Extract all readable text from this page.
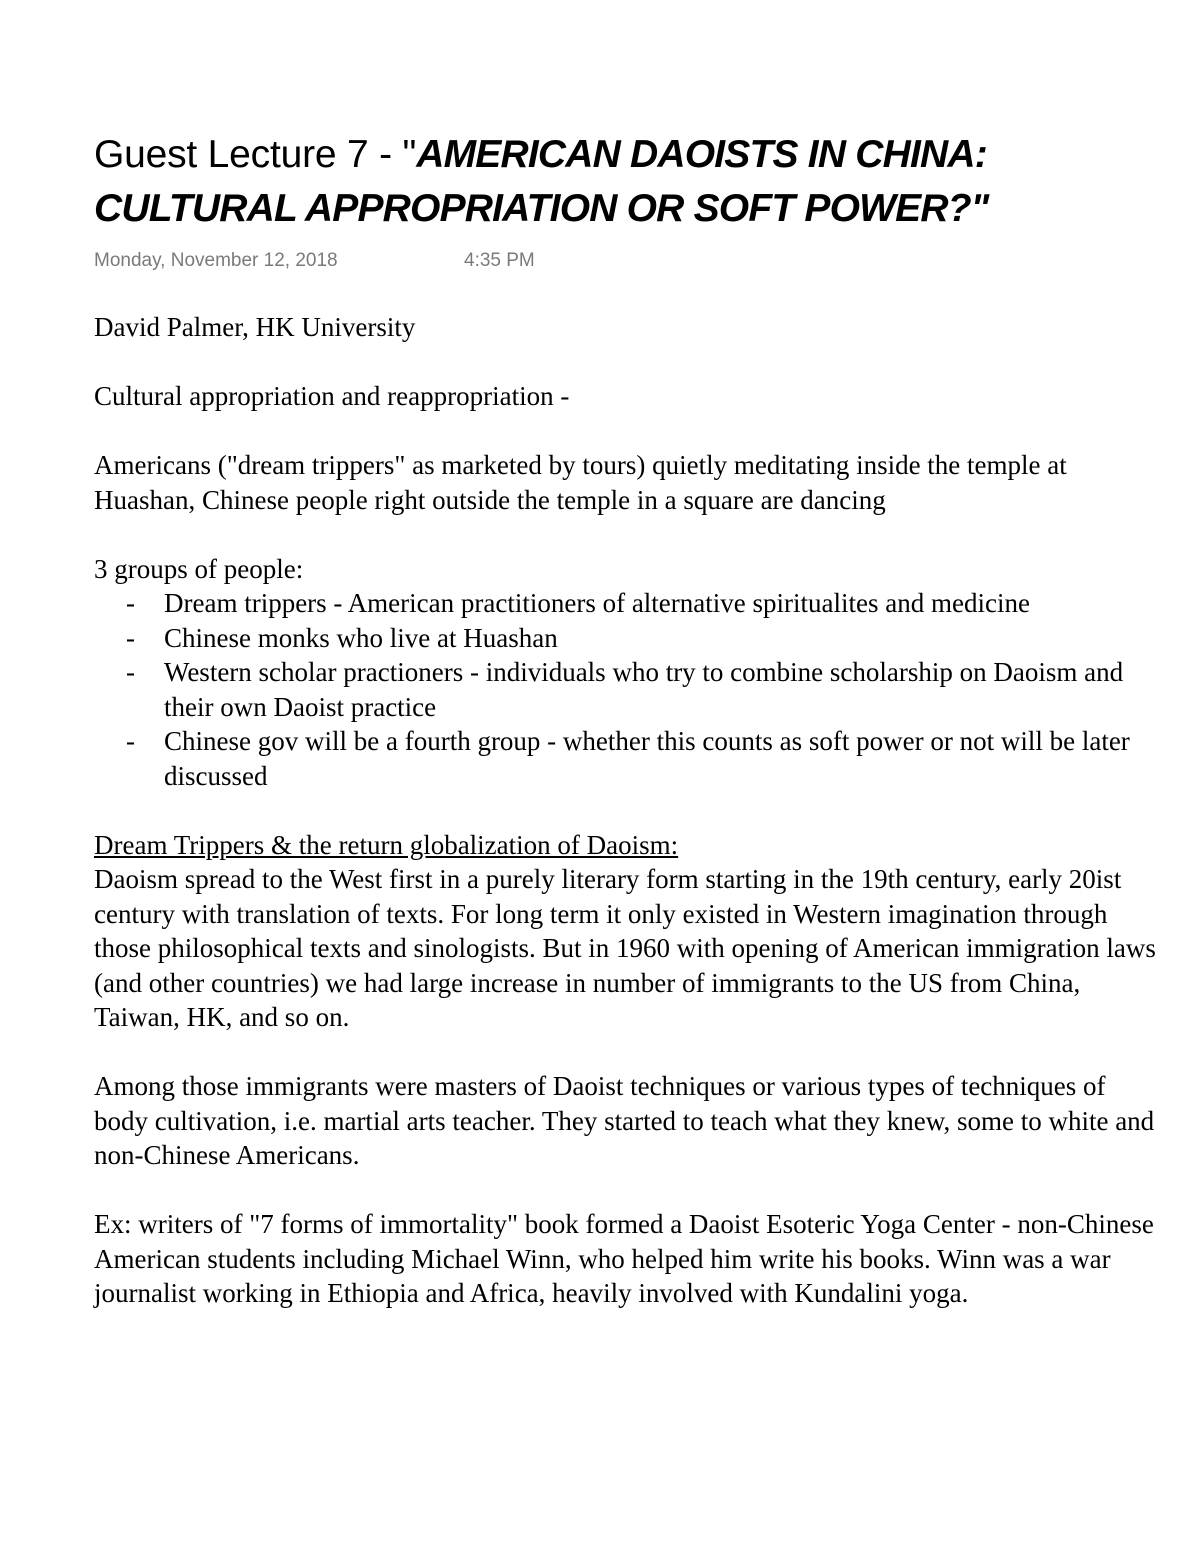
Guest Lecture 7 - "AMERICAN DAOISTS IN CHINA:
CULTURAL APPROPRIATION OR SOFT POWER?"
Monday, November 12, 2018	4:35 PM

David Palmer, HK University

Cultural appropriation and reappropriation -

Americans ("dream trippers" as marketed by tours) quietly meditating inside the temple at Huashan, Chinese people right outside the temple in a square are dancing

3 groups of people:

- Dream trippers - American practitioners of alternative spiritualites and medicine
- Chinese monks who live at Huashan
- Western scholar practioners - individuals who try to combine scholarship on Daoism and their own Daoist practice
- Chinese gov will be a fourth group - whether this counts as soft power or not will be later discussed

Dream Trippers & the return globalization of Daoism:

Daoism spread to the West first in a purely literary form starting in the 19th century, early 20ist century with translation of texts. For long term it only existed in Western imagination through those philosophical texts and sinologists. But in 1960 with opening of American immigration laws (and other countries) we had large increase in number of immigrants to the US from China, Taiwan, HK, and so on.

Among those immigrants were masters of Daoist techniques or various types of techniques of body cultivation, i.e. martial arts teacher. They started to teach what they knew, some to white and non-Chinese Americans.

Ex: writers of "7 forms of immortality" book formed a Daoist Esoteric Yoga Center - non-Chinese American students including Michael Winn, who helped him write his books. Winn was a war journalist working in Ethiopia and Africa, heavily involved with Kundalini yoga.
